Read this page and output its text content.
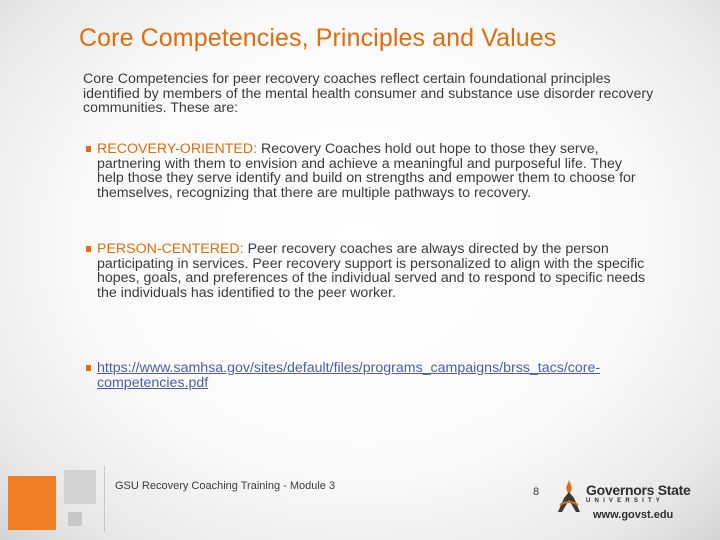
Core Competencies, Principles and Values
Core Competencies for peer recovery coaches reflect certain foundational principles identified by members of the mental health consumer and substance use disorder recovery communities. These are:
RECOVERY-ORIENTED: Recovery Coaches hold out hope to those they serve, partnering with them to envision and achieve a meaningful and purposeful life. They help those they serve identify and build on strengths and empower them to choose for themselves, recognizing that there are multiple pathways to recovery.
PERSON-CENTERED: Peer recovery coaches are always directed by the person participating in services. Peer recovery support is personalized to align with the specific hopes, goals, and preferences of the individual served and to respond to specific needs the individuals has identified to the peer worker.
https://www.samhsa.gov/sites/default/files/programs_campaigns/brss_tacs/core-competencies.pdf
GSU Recovery Coaching Training - Module 3	8	Governors State
UNIVERSITY
www.govst.edu
